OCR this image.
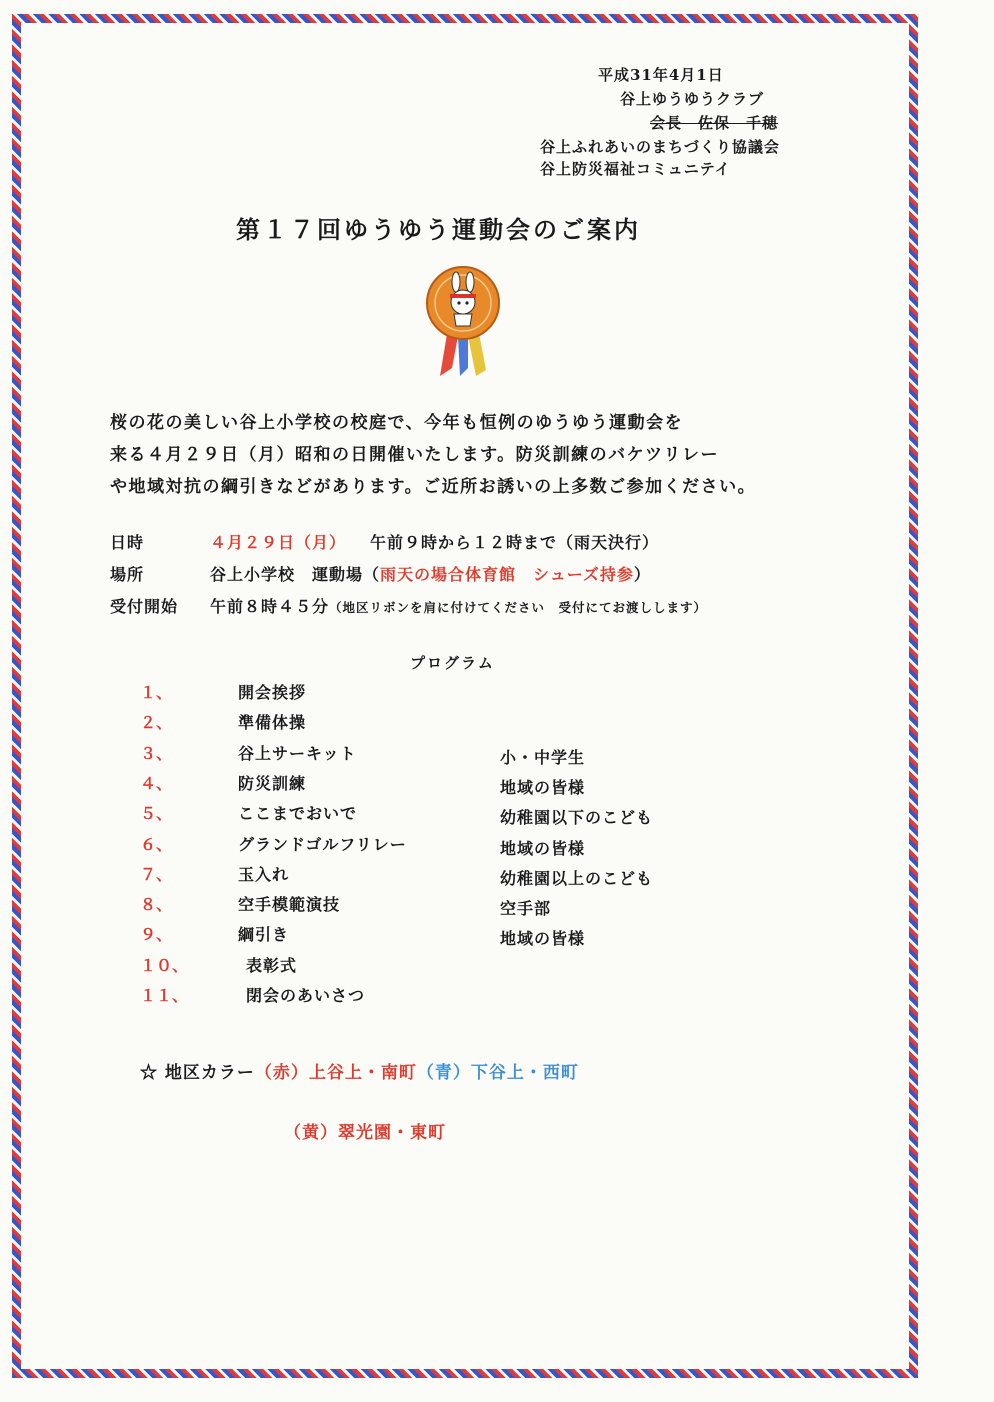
平成31年4月1日
谷上ゆうゆうクラブ
会長　佐保　千穂
谷上ふれあいのまちづくり協議会
谷上防災福祉コミュニテイ
第１７回ゆうゆう運動会のご案内
桜の花の美しい谷上小学校の校庭で、今年も恒例のゆうゆう運動会を
来る４月２９日（月）昭和の日開催いたします。防災訓練のバケツリレー
や地域対抗の綱引きなどがあります。ご近所お誘いの上多数ご参加ください。
日時	４月２９日（月） 午前９時から１２時まで（雨天決行）
場所	谷上小学校　運動場（雨天の場合体育館　シューズ持参）
受付開始 午前８時４５分（地区リボンを肩に付けてください　受付にてお渡しします）
プログラム
１、	開会挨拶
２、	準備体操
３、	谷上サーキット	小・中学生
４、	防災訓練	地域の皆様
５、	ここまでおいで	幼稚園以下のこども
６、	グランドゴルフリレー	地域の皆様
７、	玉入れ	幼稚園以上のこども
８、	空手模範演技	空手部
９、	綱引き	地域の皆様
１０、	表彰式
１１、	閉会のあいさつ
☆ 地区カラー（赤）上谷上・南町（青）下谷上・西町
（黄）翠光園・東町
